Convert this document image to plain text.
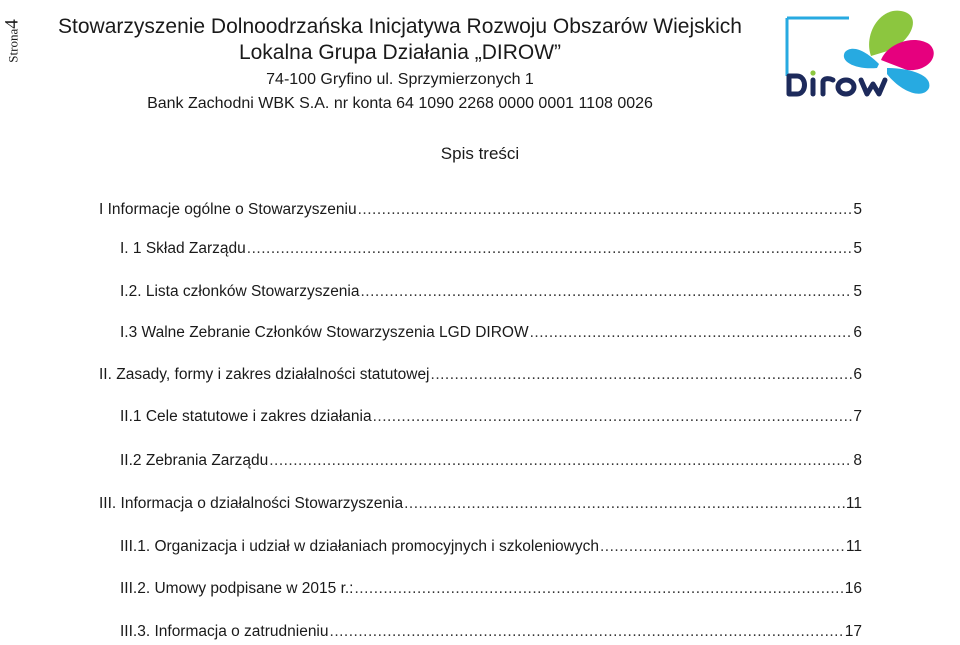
Strona4	Stowarzyszenie Dolnoodrzańska Inicjatywa Rozwoju Obszarów Wiejskich

Lokalna Grupa Działania „DIROW”

74-100 Gryfino ul. Sprzymierzonych 1

Bank Zachodni WBK S.A. nr konta 64 1090 2268 0000 0001 1108 0026

Spis treści

I Informacje ogólne o Stowarzyszeniu .....	5
I. 1 Skład Zarządu .....	5
I.2. Lista członków Stowarzyszenia .....	5
I.3 Walne Zebranie Członków Stowarzyszenia LGD DIROW .....	6
II. Zasady, formy i zakres działalności statutowej .....	6
II.1 Cele statutowe i zakres działania .....	7
II.2 Zebrania Zarządu .....	8
III. Informacja o działalności Stowarzyszenia .....	11
III.1. Organizacja i udział w działaniach promocyjnych i szkoleniowych .....	11
III.2. Umowy podpisane w 2015 r.: .....	16
III.3. Informacja o zatrudnieniu .....	17
